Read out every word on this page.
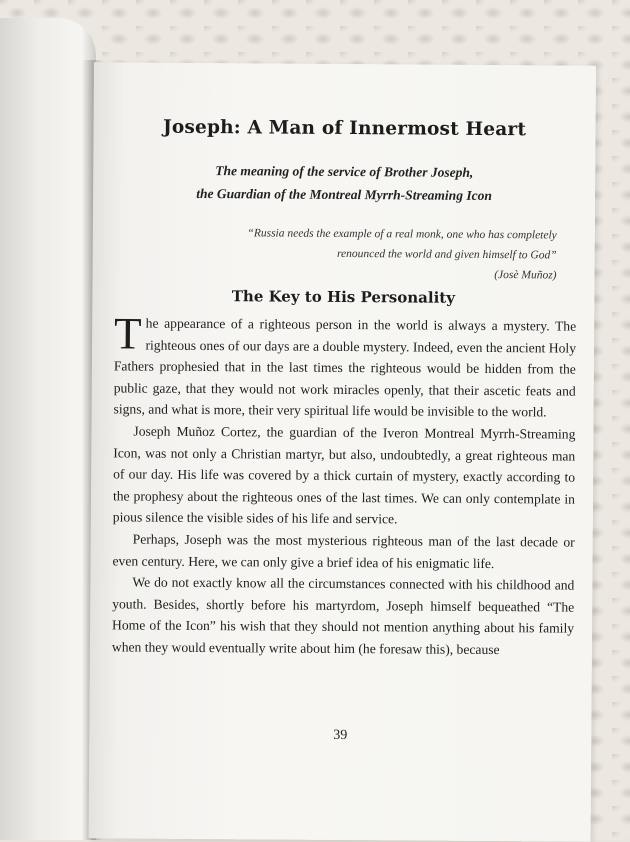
Joseph: A Man of Innermost Heart
The meaning of the service of Brother Joseph,
the Guardian of the Montreal Myrrh-Streaming Icon
“Russia needs the example of a real monk, one who has completely
renounced the world and given himself to God”
(Josè Muñoz)
The Key to His Personality

The appearance of a righteous person in the world is always a mystery. The righteous ones of our days are a double mystery. Indeed, even the ancient Holy Fathers prophesied that in the last times the righteous would be hidden from the public gaze, that they would not work miracles openly, that their ascetic feats and signs, and what is more, their very spiritual life would be invisible to the world.

Joseph Muñoz Cortez, the guardian of the Iveron Montreal Myrrh-Streaming Icon, was not only a Christian martyr, but also, undoubtedly, a great righteous man of our day. His life was covered by a thick curtain of mystery, exactly according to the prophesy about the righteous ones of the last times. We can only contemplate in pious silence the visible sides of his life and service.

Perhaps, Joseph was the most mysterious righteous man of the last decade or even century. Here, we can only give a brief idea of his enigmatic life.

We do not exactly know all the circumstances connected with his childhood and youth. Besides, shortly before his martyrdom, Joseph himself bequeathed “The Home of the Icon” his wish that they should not mention anything about his family when they would eventually write about him (he foresaw this), because

39
